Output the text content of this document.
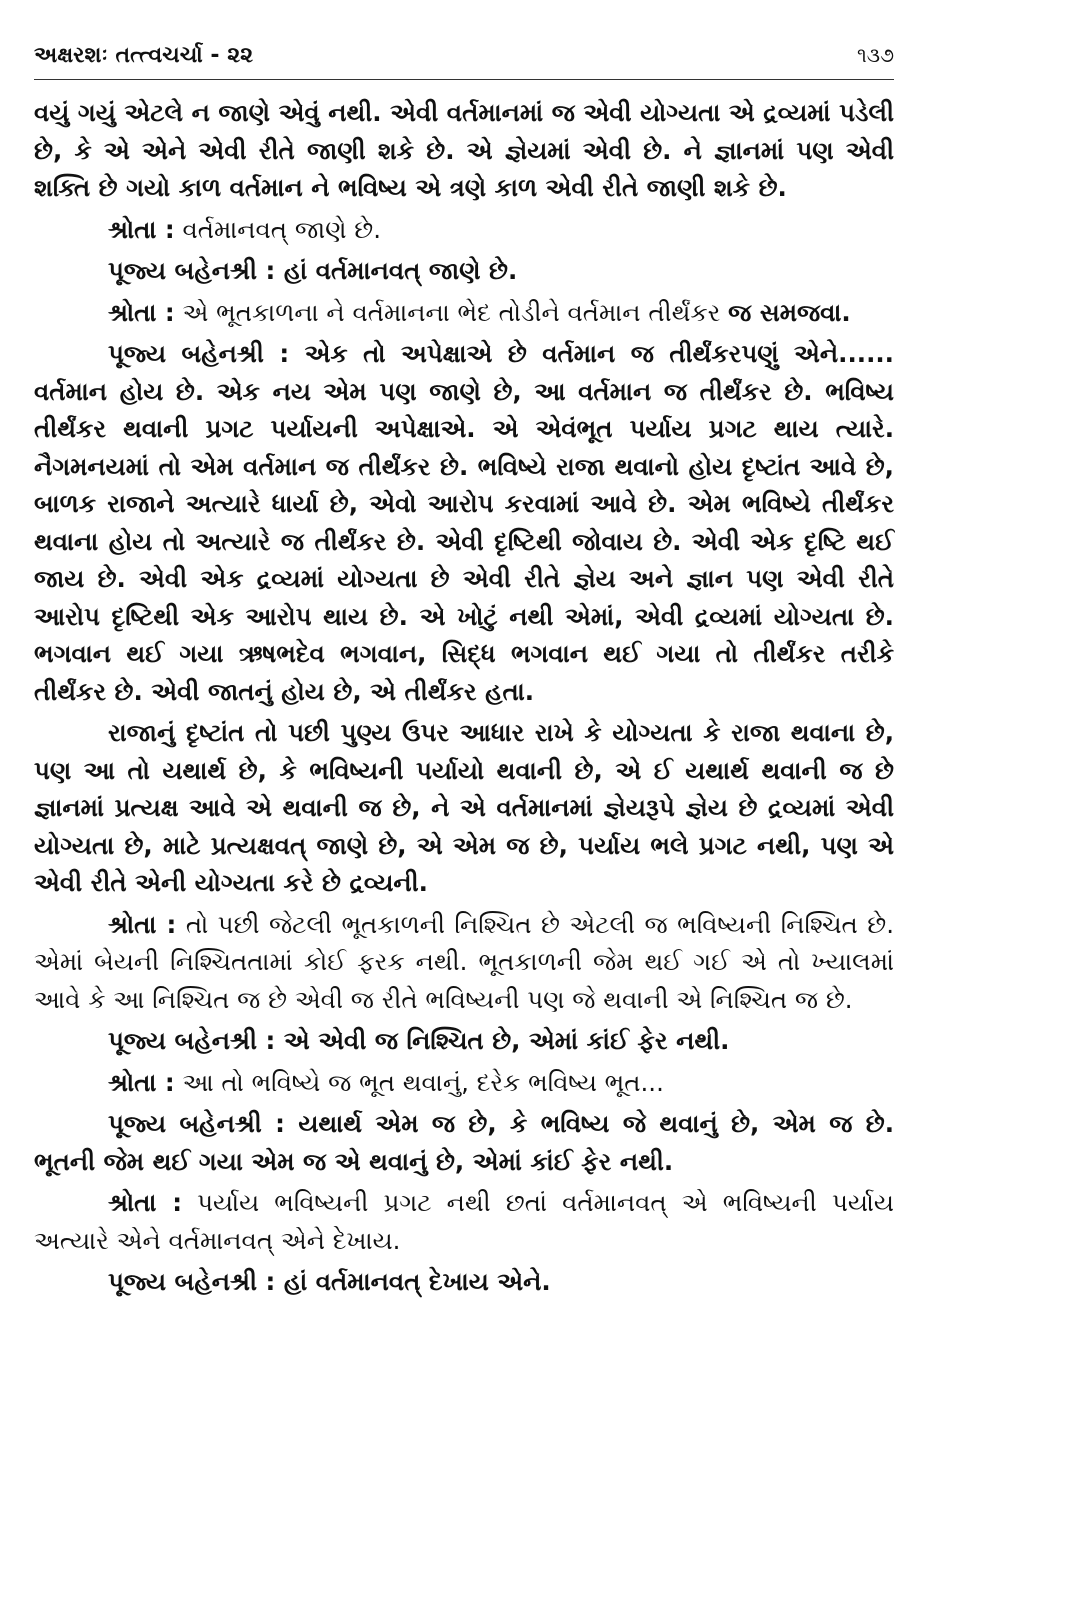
અક્ષરશઃ તત્ત્વચર્ચા - ૨૨	૧૩૭

વયું ગયું એટલે ન જાણે એવું નથી. એવી વર્તમાનમાં જ એવી યોગ્યતા એ દ્રવ્યમાં પડેલી છે, કે એ એને એવી રીતે જાણી શકે છે. એ જ્ઞેયમાં એવી છે. ને જ્ઞાનમાં પણ એવી શક્તિ છે ગયો કાળ વર્તમાન ને ભવિષ્ય એ ત્રણે કાળ એવી રીતે જાણી શકે છે.

શ્રોતા : વર્તમાનવત્ જાણે છે.

પૂજ્ય બહેનશ્રી : હાં વર્તમાનવત્ જાણે છે.

શ્રોતા : એ ભૂતકાળના ને વર્તમાનના ભેદ તોડીને વર્તમાન તીર્થંકર જ સમજવા.

પૂજ્ય બહેનશ્રી : એક તો અપેક્ષાએ છે વર્તમાન જ તીર્થંકરપણું એને...... વર્તમાન હોય છે. એક નય એમ પણ જાણે છે, આ વર્તમાન જ તીર્થંકર છે. ભવિષ્ય તીર્થંકર થવાની પ્રગટ પર્યાયની અપેક્ષાએ. એ એવંભૂત પર્યાય પ્રગટ થાય ત્યારે. નૈગમનયમાં તો એમ વર્તમાન જ તીર્થંકર છે. ભવિષ્યે રાજા થવાનો હોય દૃષ્ટાંત આવે છે, બાળક રાજાને અત્યારે ધાર્યા છે, એવો આરોપ કરવામાં આવે છે. એમ ભવિષ્યે તીર્થંકર થવાના હોય તો અત્યારે જ તીર્થંકર છે. એવી દૃષ્ટિથી જોવાય છે. એવી એક દૃષ્ટિ થઈ જાય છે. એવી એક દ્રવ્યમાં યોગ્યતા છે એવી રીતે જ્ઞેય અને જ્ઞાન પણ એવી રીતે આરોપ દૃષ્ટિથી એક આરોપ થાય છે. એ ખોટું નથી એમાં, એવી દ્રવ્યમાં યોગ્યતા છે. ભગવાન થઈ ગયા ઋષભદેવ ભગવાન, સિદ્ધ ભગવાન થઈ ગયા તો તીર્થંકર તરીકે તીર્થંકર છે. એવી જાતનું હોય છે, એ તીર્થંકર હતા.

રાજાનું દૃષ્ટાંત તો પછી પુણ્ય ઉપર આધાર રાખે કે યોગ્યતા કે રાજા થવાના છે, પણ આ તો યથાર્થ છે, કે ભવિષ્યની પર્યાયો થવાની છે, એ ઈ યથાર્થ થવાની જ છે જ્ઞાનમાં પ્રત્યક્ષ આવે એ થવાની જ છે, ને એ વર્તમાનમાં જ્ઞેયરૂપે જ્ઞેય છે દ્રવ્યમાં એવી યોગ્યતા છે, માટે પ્રત્યક્ષવત્ જાણે છે, એ એમ જ છે, પર્યાય ભલે પ્રગટ નથી, પણ એ એવી રીતે એની યોગ્યતા કરે છે દ્રવ્યની.

શ્રોતા : તો પછી જેટલી ભૂતકાળની નિશ્ચિત છે એટલી જ ભવિષ્યની નિશ્ચિત છે. એમાં બેયની નિશ્ચિતતામાં કોઈ ફરક નથી. ભૂતકાળની જેમ થઈ ગઈ એ તો ખ્યાલમાં આવે કે આ નિશ્ચિત જ છે એવી જ રીતે ભવિષ્યની પણ જે થવાની એ નિશ્ચિત જ છે.

પૂજ્ય બહેનશ્રી : એ એવી જ નિશ્ચિત છે, એમાં કાંઈ ફેર નથી.

શ્રોતા : આ તો ભવિષ્યે જ ભૂત થવાનું, દરેક ભવિષ્ય ભૂત...

પૂજ્ય બહેનશ્રી : યથાર્થ એમ જ છે, કે ભવિષ્ય જે થવાનું છે, એમ જ છે. ભૂતની જેમ થઈ ગયા એમ જ એ થવાનું છે, એમાં કાંઈ ફેર નથી.

શ્રોતા : પર્યાય ભવિષ્યની પ્રગટ નથી છતાં વર્તમાનવત્ એ ભવિષ્યની પર્યાય અત્યારે એને વર્તમાનવત્ એને દેખાય.

પૂજ્ય બહેનશ્રી : હાં વર્તમાનવત્ દેખાય એને.
